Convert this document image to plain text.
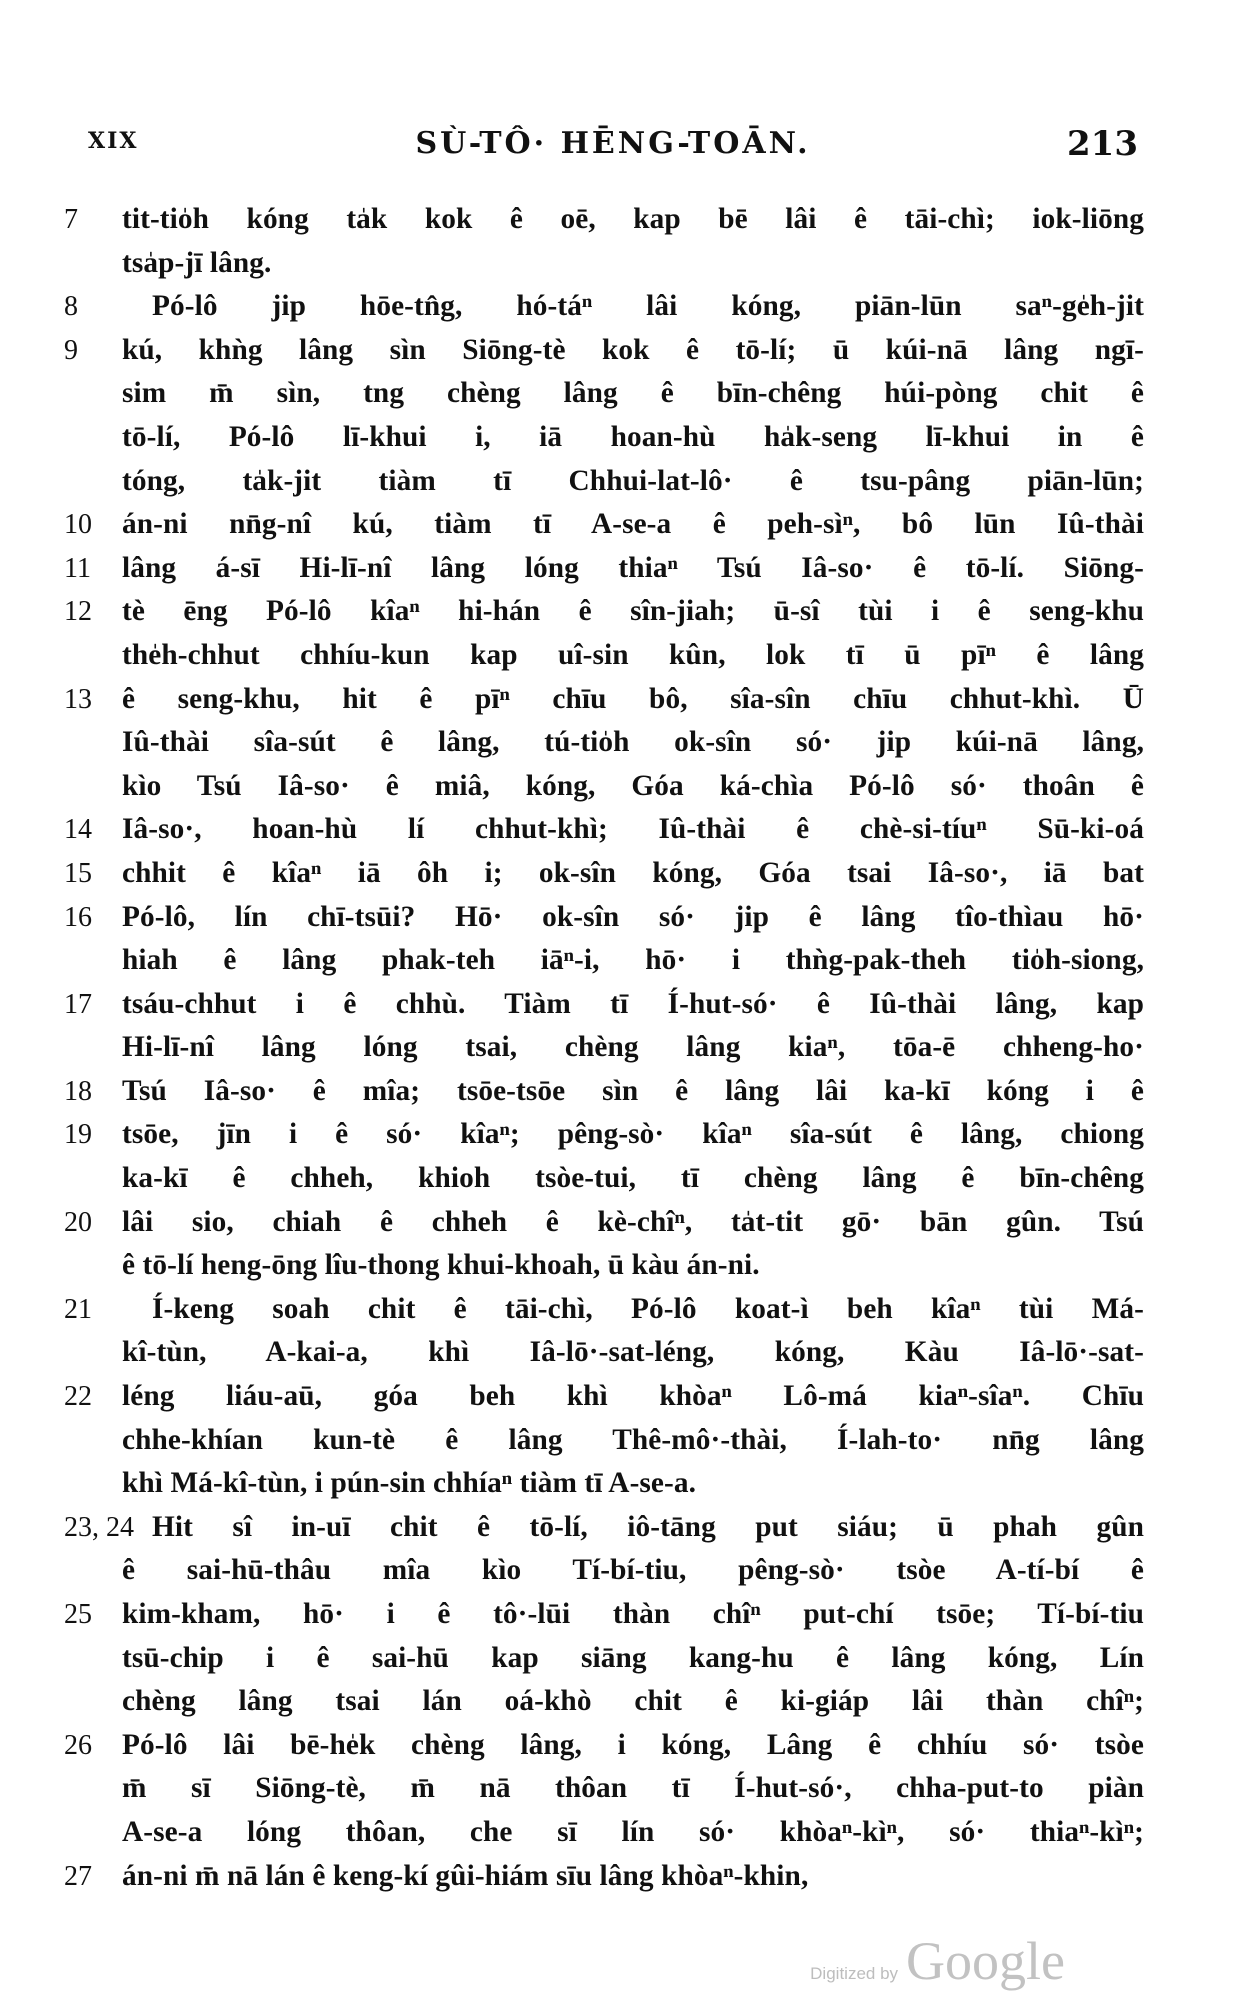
XIX	SÙ-TÔ· HĒNG-TOĀN.	213
7	tit-tio̍h kóng ta̍k kok ê oē, kap bē lâi ê tāi-chì; iok-liōng
tsa̍p-jī lâng.
8	Pó-lô jip hōe-tn̂g, hó-táⁿ lâi kóng, piān-lūn saⁿ-ge̍h-jit
9	kú, khǹg lâng sìn Siōng-tè kok ê tō-lí; ū kúi-nā lâng ngī-
sim m̄ sìn, tng chèng lâng ê bīn-chêng húi-pòng chit ê
tō-lí, Pó-lô lī-khui i, iā hoan-hù ha̍k-seng lī-khui in ê
tóng, ta̍k-jit tiàm tī Chhui-lat-lô· ê tsu-pâng piān-lūn;
10	án-ni nn̄g-nî kú, tiàm tī A-se-a ê peh-sìⁿ, bô lūn Iû-thài
11	lâng á-sī Hi-lī-nî lâng lóng thiaⁿ Tsú Iâ-so· ê tō-lí. Siōng-
12	tè ēng Pó-lô kîaⁿ hi-hán ê sîn-jiah; ū-sî tùi i ê seng-khu
the̍h-chhut chhíu-kun kap uî-sin kûn, lok tī ū pīⁿ ê lâng
13	ê seng-khu, hit ê pīⁿ chīu bô, sîa-sîn chīu chhut-khì. Ū
Iû-thài sîa-sút ê lâng, tú-tio̍h ok-sîn só· jip kúi-nā lâng,
kìo Tsú Iâ-so· ê miâ, kóng, Góa ká-chìa Pó-lô só· thoân ê
14	Iâ-so·, hoan-hù lí chhut-khì; Iû-thài ê chè-si-tíuⁿ Sū-ki-oá
15	chhit ê kîaⁿ iā ôh i; ok-sîn kóng, Góa tsai Iâ-so·, iā bat
16	Pó-lô, lín chī-tsūi? Hō· ok-sîn só· jip ê lâng tîo-thìau hō·
hiah ê lâng phak-teh iāⁿ-i, hō· i thǹg-pak-theh tio̍h-siong,
17	tsáu-chhut i ê chhù. Tiàm tī Í-hut-só· ê Iû-thài lâng, kap
Hi-lī-nî lâng lóng tsai, chèng lâng kiaⁿ, tōa-ē chheng-ho·
18	Tsú Iâ-so· ê mîa; tsōe-tsōe sìn ê lâng lâi ka-kī kóng i ê
19	tsōe, jīn i ê só· kîaⁿ; pêng-sò· kîaⁿ sîa-sút ê lâng, chiong
ka-kī ê chheh, khioh tsòe-tui, tī chèng lâng ê bīn-chêng
20	lâi sio, chiah ê chheh ê kè-chîⁿ, ta̍t-tit gō· bān gûn. Tsú
ê tō-lí heng-ōng lîu-thong khui-khoah, ū kàu án-ni.
21	Í-keng soah chit ê tāi-chì, Pó-lô koat-ì beh kîaⁿ tùi Má-
kî-tùn, A-kai-a, khì Iâ-lō·-sat-léng, kóng, Kàu Iâ-lō·-sat-
22	léng liáu-aū, góa beh khì khòaⁿ Lô-má kiaⁿ-sîaⁿ. Chīu
chhe-khían kun-tè ê lâng Thê-mô·-thài, Í-lah-to· nn̄g lâng
khì Má-kî-tùn, i pún-sin chhíaⁿ tiàm tī A-se-a.
23, 24 Hit sî in-uī chit ê tō-lí, iô-tāng put siáu; ū phah gûn
ê sai-hū-thâu mîa kìo Tí-bí-tiu, pêng-sò· tsòe A-tí-bí ê
25	kim-kham, hō· i ê tô·-lūi thàn chîⁿ put-chí tsōe; Tí-bí-tiu
tsū-chip i ê sai-hū kap siāng kang-hu ê lâng kóng, Lín
chèng lâng tsai lán oá-khò chit ê ki-giáp lâi thàn chîⁿ;
26	Pó-lô lâi bē-he̍k chèng lâng, i kóng, Lâng ê chhíu só· tsòe
m̄ sī Siōng-tè, m̄ nā thôan tī Í-hut-só·, chha-put-to piàn
A-se-a lóng thôan, che sī lín só· khòaⁿ-kìⁿ, só· thiaⁿ-kìⁿ;
27	án-ni m̄ nā lán ê keng-kí gûi-hiám sīu lâng khòaⁿ-khin,
Digitized by Google
